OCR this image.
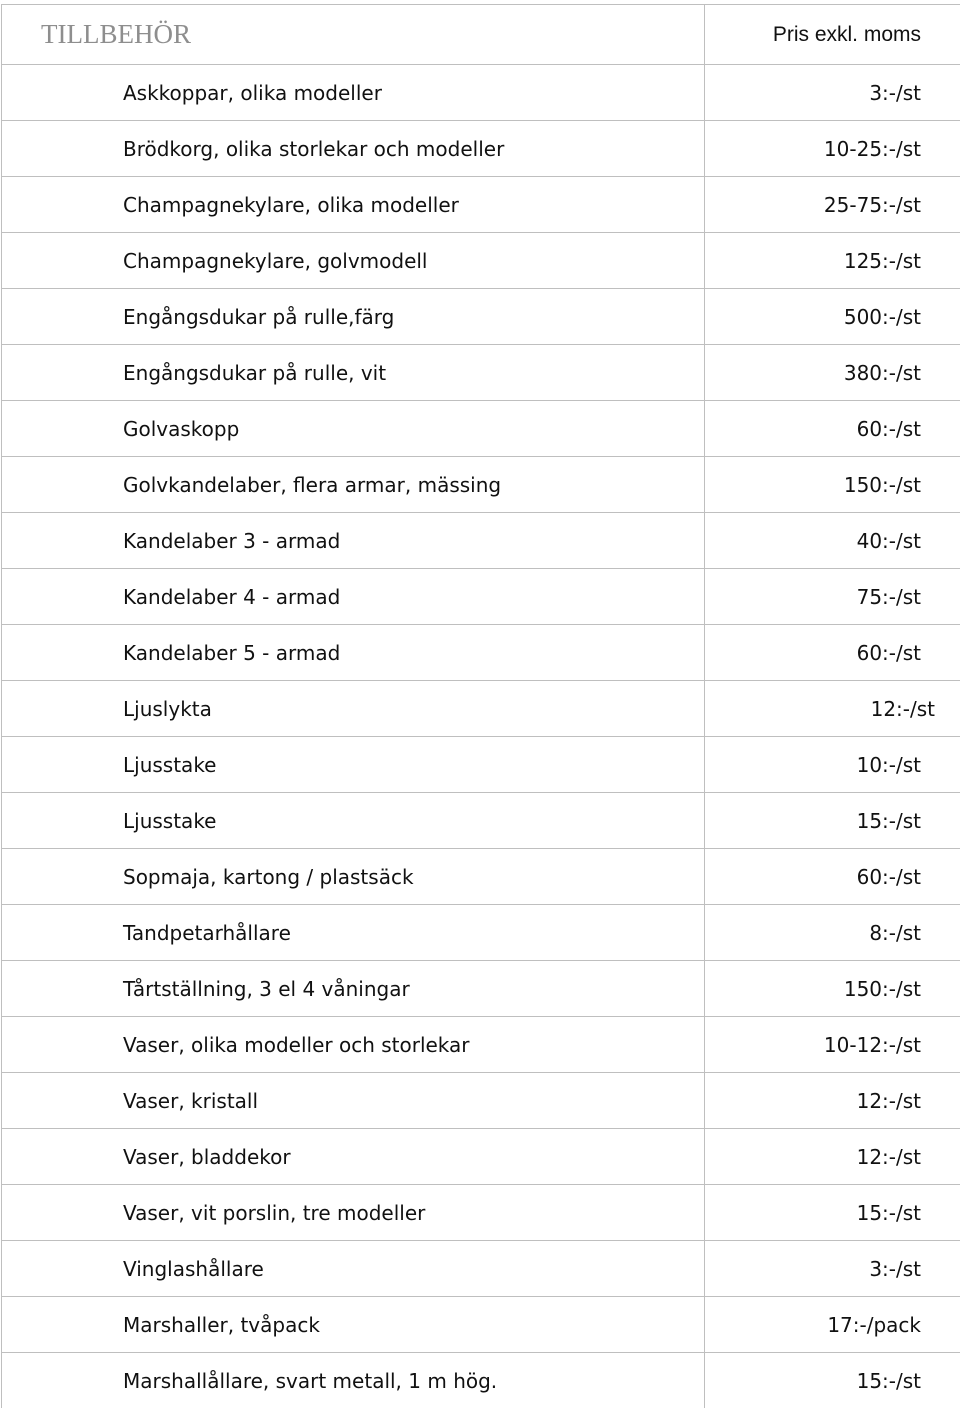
TILLBEHÖR	Pris exkl. moms
Askkoppar, olika modeller	3:-/st
Brödkorg, olika storlekar och modeller	10-25:-/st
Champagnekylare, olika modeller	25-75:-/st
Champagnekylare, golvmodell	125:-/st
Engångsdukar på rulle,färg	500:-/st
Engångsdukar på rulle, vit	380:-/st
Golvaskopp	60:-/st
Golvkandelaber, flera armar, mässing	150:-/st
Kandelaber 3 - armad	40:-/st
Kandelaber 4 - armad	75:-/st
Kandelaber 5 - armad	60:-/st
Ljuslykta	12:-/st
Ljusstake	10:-/st
Ljusstake	15:-/st
Sopmaja, kartong / plastsäck	60:-/st
Tandpetarhållare	8:-/st
Tårtställning, 3 el 4 våningar	150:-/st
Vaser, olika modeller och storlekar	10-12:-/st
Vaser, kristall	12:-/st
Vaser, bladdekor	12:-/st
Vaser, vit porslin, tre modeller	15:-/st
Vinglashållare	3:-/st
Marshaller, tvåpack	17:-/pack
Marshallållare, svart metall, 1 m hög.	15:-/st
